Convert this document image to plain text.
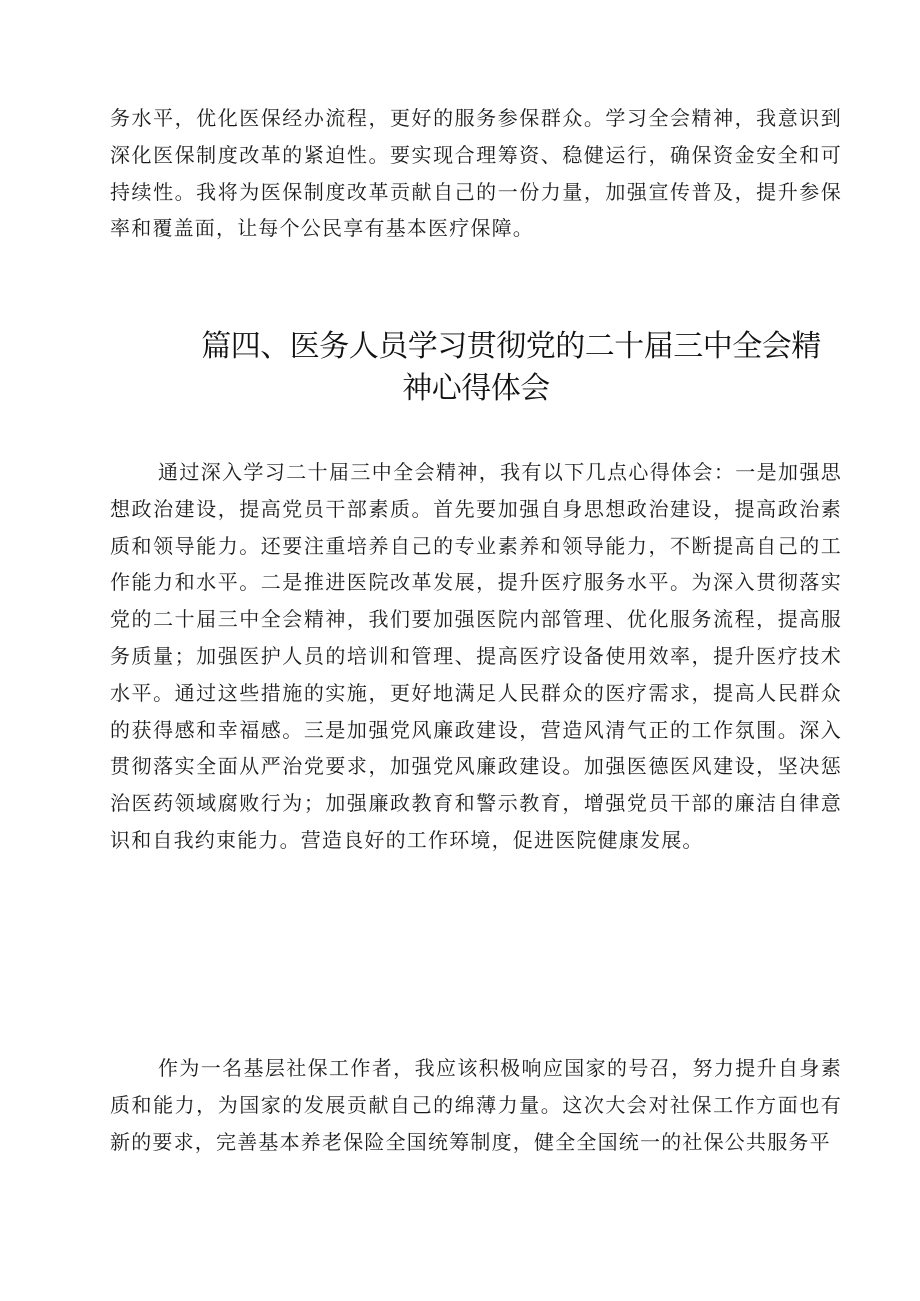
务水平，优化医保经办流程，更好的服务参保群众。学习全会精神，我意识到深化医保制度改革的紧迫性。要实现合理筹资、稳健运行，确保资金安全和可持续性。我将为医保制度改革贡献自己的一份力量，加强宣传普及，提升参保率和覆盖面，让每个公民享有基本医疗保障。

篇四、医务人员学习贯彻党的二十届三中全会精
神心得体会

通过深入学习二十届三中全会精神，我有以下几点心得体会：一是加强思想政治建设，提高党员干部素质。首先要加强自身思想政治建设，提高政治素质和领导能力。还要注重培养自己的专业素养和领导能力，不断提高自己的工作能力和水平。二是推进医院改革发展，提升医疗服务水平。为深入贯彻落实党的二十届三中全会精神，我们要加强医院内部管理、优化服务流程，提高服务质量；加强医护人员的培训和管理、提高医疗设备使用效率，提升医疗技术水平。通过这些措施的实施，更好地满足人民群众的医疗需求，提高人民群众的获得感和幸福感。三是加强党风廉政建设，营造风清气正的工作氛围。深入贯彻落实全面从严治党要求，加强党风廉政建设。加强医德医风建设，坚决惩治医药领域腐败行为；加强廉政教育和警示教育，增强党员干部的廉洁自律意识和自我约束能力。营造良好的工作环境，促进医院健康发展。

作为一名基层社保工作者，我应该积极响应国家的号召，努力提升自身素质和能力，为国家的发展贡献自己的绵薄力量。这次大会对社保工作方面也有新的要求，完善基本养老保险全国统筹制度，健全全国统一的社保公共服务平
